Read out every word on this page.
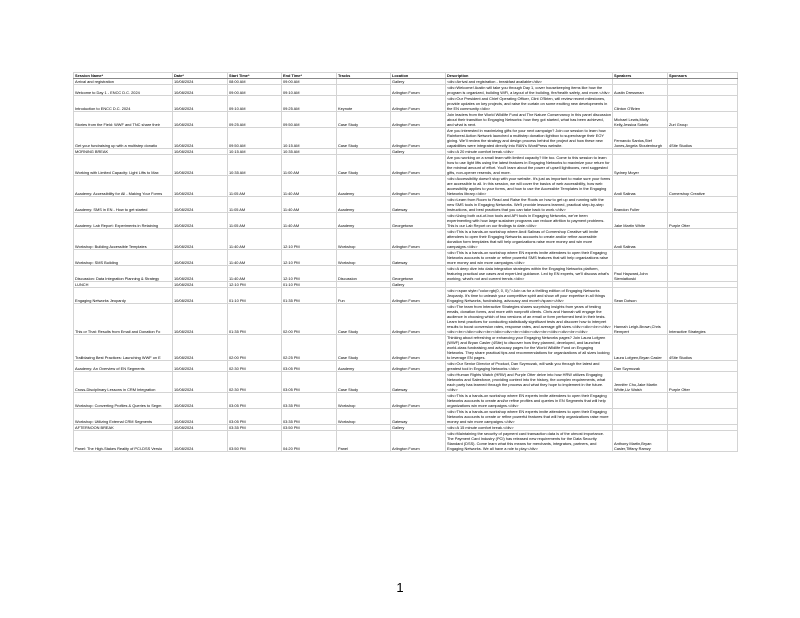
Session Name*	Date*	Start Time*	End Time*	Tracks	Location	Description	Speakers	Sponsors
Arrival and registration	10/08/2024	08:00 AM	09:00 AM		Gallery	<div>Arrival and registration - breakfast available</div>		
Welcome to Day 1 - ENCC D.C. 2024	10/08/2024	09:00 AM	09:10 AM		Arlington Forum	<div>Welcome! Austin will take you through Day 1, cover housekeeping items like how the program is organized, building WiFi, a layout of the building, fire/health safety, and more.</div>	Austin Dressman	
Introduction to ENCC D.C. 2024	10/08/2024	09:10 AM	09:25 AM	Keynote	Arlington Forum	<div>Our President and Chief Operating Officer, Clint O'Brien, will review recent milestones, provide updates on key projects, and raise the curtain on some exciting new developments in the EN community.</div>	Clinton O'Brien	
Stories from the Field: WWF and TNC share their	10/08/2024	09:25 AM	09:50 AM	Case Study	Arlington Forum	Join leaders from the World Wildlife Fund and The Nature Conservancy in this panel discussion about their transition to Engaging Networks: how they got started, what has been achieved, and what is next.	Michael Lewis,Molly Kelly,Jessica Sotelo	Zuri Group
Get your fundraising up with a multistep donatio	10/08/2024	09:50 AM	10:15 AM	Case Study	Arlington Forum	Are you interested in maximizing gifts for your next campaign? Join our session to learn how Rainforest Action Network launched a multistep donation lightbox to supercharge their EOY giving. We'll review the strategy and design process behind the project and how these new capabilities were integrated directly into RAN's WordPress website.	Fernando Santos,Stef Jones,Angela Stoutenburgh	4Site Studios
MORNING BREAK	10/08/2024	10:15 AM	10:35 AM		Gallery	<div>A 20 minute comfort break.</div>		
Working with Limited Capacity: Light Lifts to Max	10/08/2024	10:35 AM	11:00 AM	Case Study	Arlington Forum	Are you working on a small team with limited capacity? Me too. Come to this session to learn how to use light lifts using the latest features in Engaging Networks to maximize your return for the minimal amount of effort. You'll learn about the power of upsell lightboxes, next suggested gifts, non-opener resends, and more.	Sydney Moyer	
Academy: Accessibility for All - Making Your Forms	10/08/2024	11:05 AM	11:40 AM	Academy	Arlington Forum	<div>Accessibility doesn't stop with your website. It's just as important to make sure your forms are accessible to all. In this session, we will cover the basics of web accessibility, how web accessibility applies to your forms, and how to use the Accessible Templates in the Engaging Networks library.</div>	Andi Salinas	Cornershop Creative
Academy: SMS in EN - How to get started	10/08/2024	11:05 AM	11:40 AM	Academy	Gateway	<div>Learn from Room to Read and Raise the Roots on how to get up and running with the new SMS tools in Engaging Networks. We'll provide lessons learned, practical step-by-step instructions, and best practices that you can take back to work.</div>	Brandon Fuller	
Academy: Lab Report: Experiments in Retaining	10/08/2024	11:05 AM	11:40 AM	Academy	Georgetown	<div>Using both out-of-box tools and API tools in Engaging Networks, we've been experimenting with how large sustainer programs can reduce attrition to payment problems. This is our Lab Report on our findings to date.</div>	Jake Martin White	Purple Otter
Workshop: Building Accessible Templates	10/08/2024	11:40 AM	12:10 PM	Workshop	Arlington Forum	<div>This is a hands-on workshop where Andi Salinas of Cornershop Creative will invite attendees to open their Engaging Networks accounts to create and/or refine accessible donation form templates that will help organizations raise more money and win more campaigns.</div>	Andi Salinas	
Workshop: SMS Building	10/08/2024	11:40 AM	12:10 PM	Workshop	Gateway	<div>This is a hands-on workshop where EN experts invite attendees to open their Engaging Networks accounts to create or refine powerful SMS features that will help organizations raise more money and win more campaigns.</div>		
Discussion: Data Integration Planning & Strategy	10/08/2024	11:40 AM	12:10 PM	Discussion	Georgetown	<div>A deep dive into data integration strategies within the Engaging Networks platform, featuring practical use cases and expert-led guidance. Led by EN experts, we'll discuss what's working, what's not and current trends.</div>	Paul Hayward,John Siemiatkoski	
LUNCH	10/08/2024	12:10 PM	01:10 PM		Gallery			
Engaging Networks Jeopardy	10/08/2024	01:10 PM	01:35 PM	Fun	Arlington Forum	<div><span style="color:rgb(0, 0, 0);">Join us for a thrilling edition of Engaging Networks Jeopardy. It's time to unleash your competitive spirit and show off your expertise in all things Engaging Networks, fundraising, advocacy and more!</span></div>	Sean Dotson	
This or That: Results from Email and Donation Fo	10/08/2024	01:35 PM	02:00 PM	Case Study	Arlington Forum	<div>The team from Interactive Strategies shares surprising insights from years of testing emails, donation forms, and more with nonprofit clients. Chris and Hannah will engage the audience in choosing which of two versions of an email or form performed best in their tests. Learn best practices for conducting statistically significant tests and discover how to interpret results to boost conversion rates, response rates, and average gift sizes.</div><div><br></div><div><br></div><div><br></div><div><br></div><div><br></div><div><br></div>	Hannah Leigh-Brown,Chris Rempert	Interactive Strategies
Trailblazing Best Practices: Launching WWF on E	10/08/2024	02:00 PM	02:25 PM	Case Study	Arlington Forum	Thinking about refreshing or enhancing your Engaging Networks pages? Join Laura Lofgren (WWF) and Bryan Casler (4Site) to discover how they planned, developed, and launched world-class fundraising and advocacy pages for the World Wildlife Fund on Engaging Networks. They share practical tips and recommendations for organizations of all sizes looking to leverage EN pages.	Laura Lofgren,Bryan Casler	4Site Studios
Academy: An Overview of EN Segments	10/08/2024	02:30 PM	03:05 PM	Academy	Arlington Forum	<div>Our Senior Director of Product, Dan Szymczak, will walk you through the latest and greatest tool in Engaging Networks.</div>	Dan Szymczak	
Cross-Disciplinary Lessons in CRM Integration	10/08/2024	02:30 PM	03:05 PM	Case Study	Gateway	<div>Human Rights Watch (HRW) and Purple Otter delve into how HRW utilizes Engaging Networks and Salesforce, providing context into the history, the complex requirements, what each party has learned through the process and what they hope to implement in the future.</div>	Jennifer Cho,Jake Martin White,Liz Walsh	Purple Otter
Workshop: Converting Profiles & Queries to Segm	10/08/2024	03:05 PM	03:35 PM	Workshop	Arlington Forum	<div>This is a hands-on workshop where EN experts invite attendees to open their Engaging Networks accounts to create and/or refine profiles and queries in EN Segments that will help organizations win more campaigns.</div>		
Workshop: Utilizing External CRM Segments	10/08/2024	03:05 PM	03:35 PM	Workshop	Gateway	<div>This is a hands-on workshop where EN experts invite attendees to open their Engaging Networks accounts to create or refine powerful features that will help organizations raise more money and win more campaigns.</div>		
AFTERNOON BREAK	10/08/2024	03:35 PM	03:50 PM		Gallery	<div>A 15 minute comfort break.</div>		
Panel: The High-Stakes Reality of PCI-DSS Versio	10/08/2024	03:50 PM	04:20 PM	Panel	Arlington Forum	<div>Maintaining the security of payment card transaction data is of the utmost importance. The Payment Card Industry (PCI) has released new requirements for the Data Security Standard (DSS). Come learn what this means for merchants, integrators, partners, and Engaging Networks. We all have a role to play.</div>	Anthony Martin,Bryan Casler,Tiffany Ramzy	
1
